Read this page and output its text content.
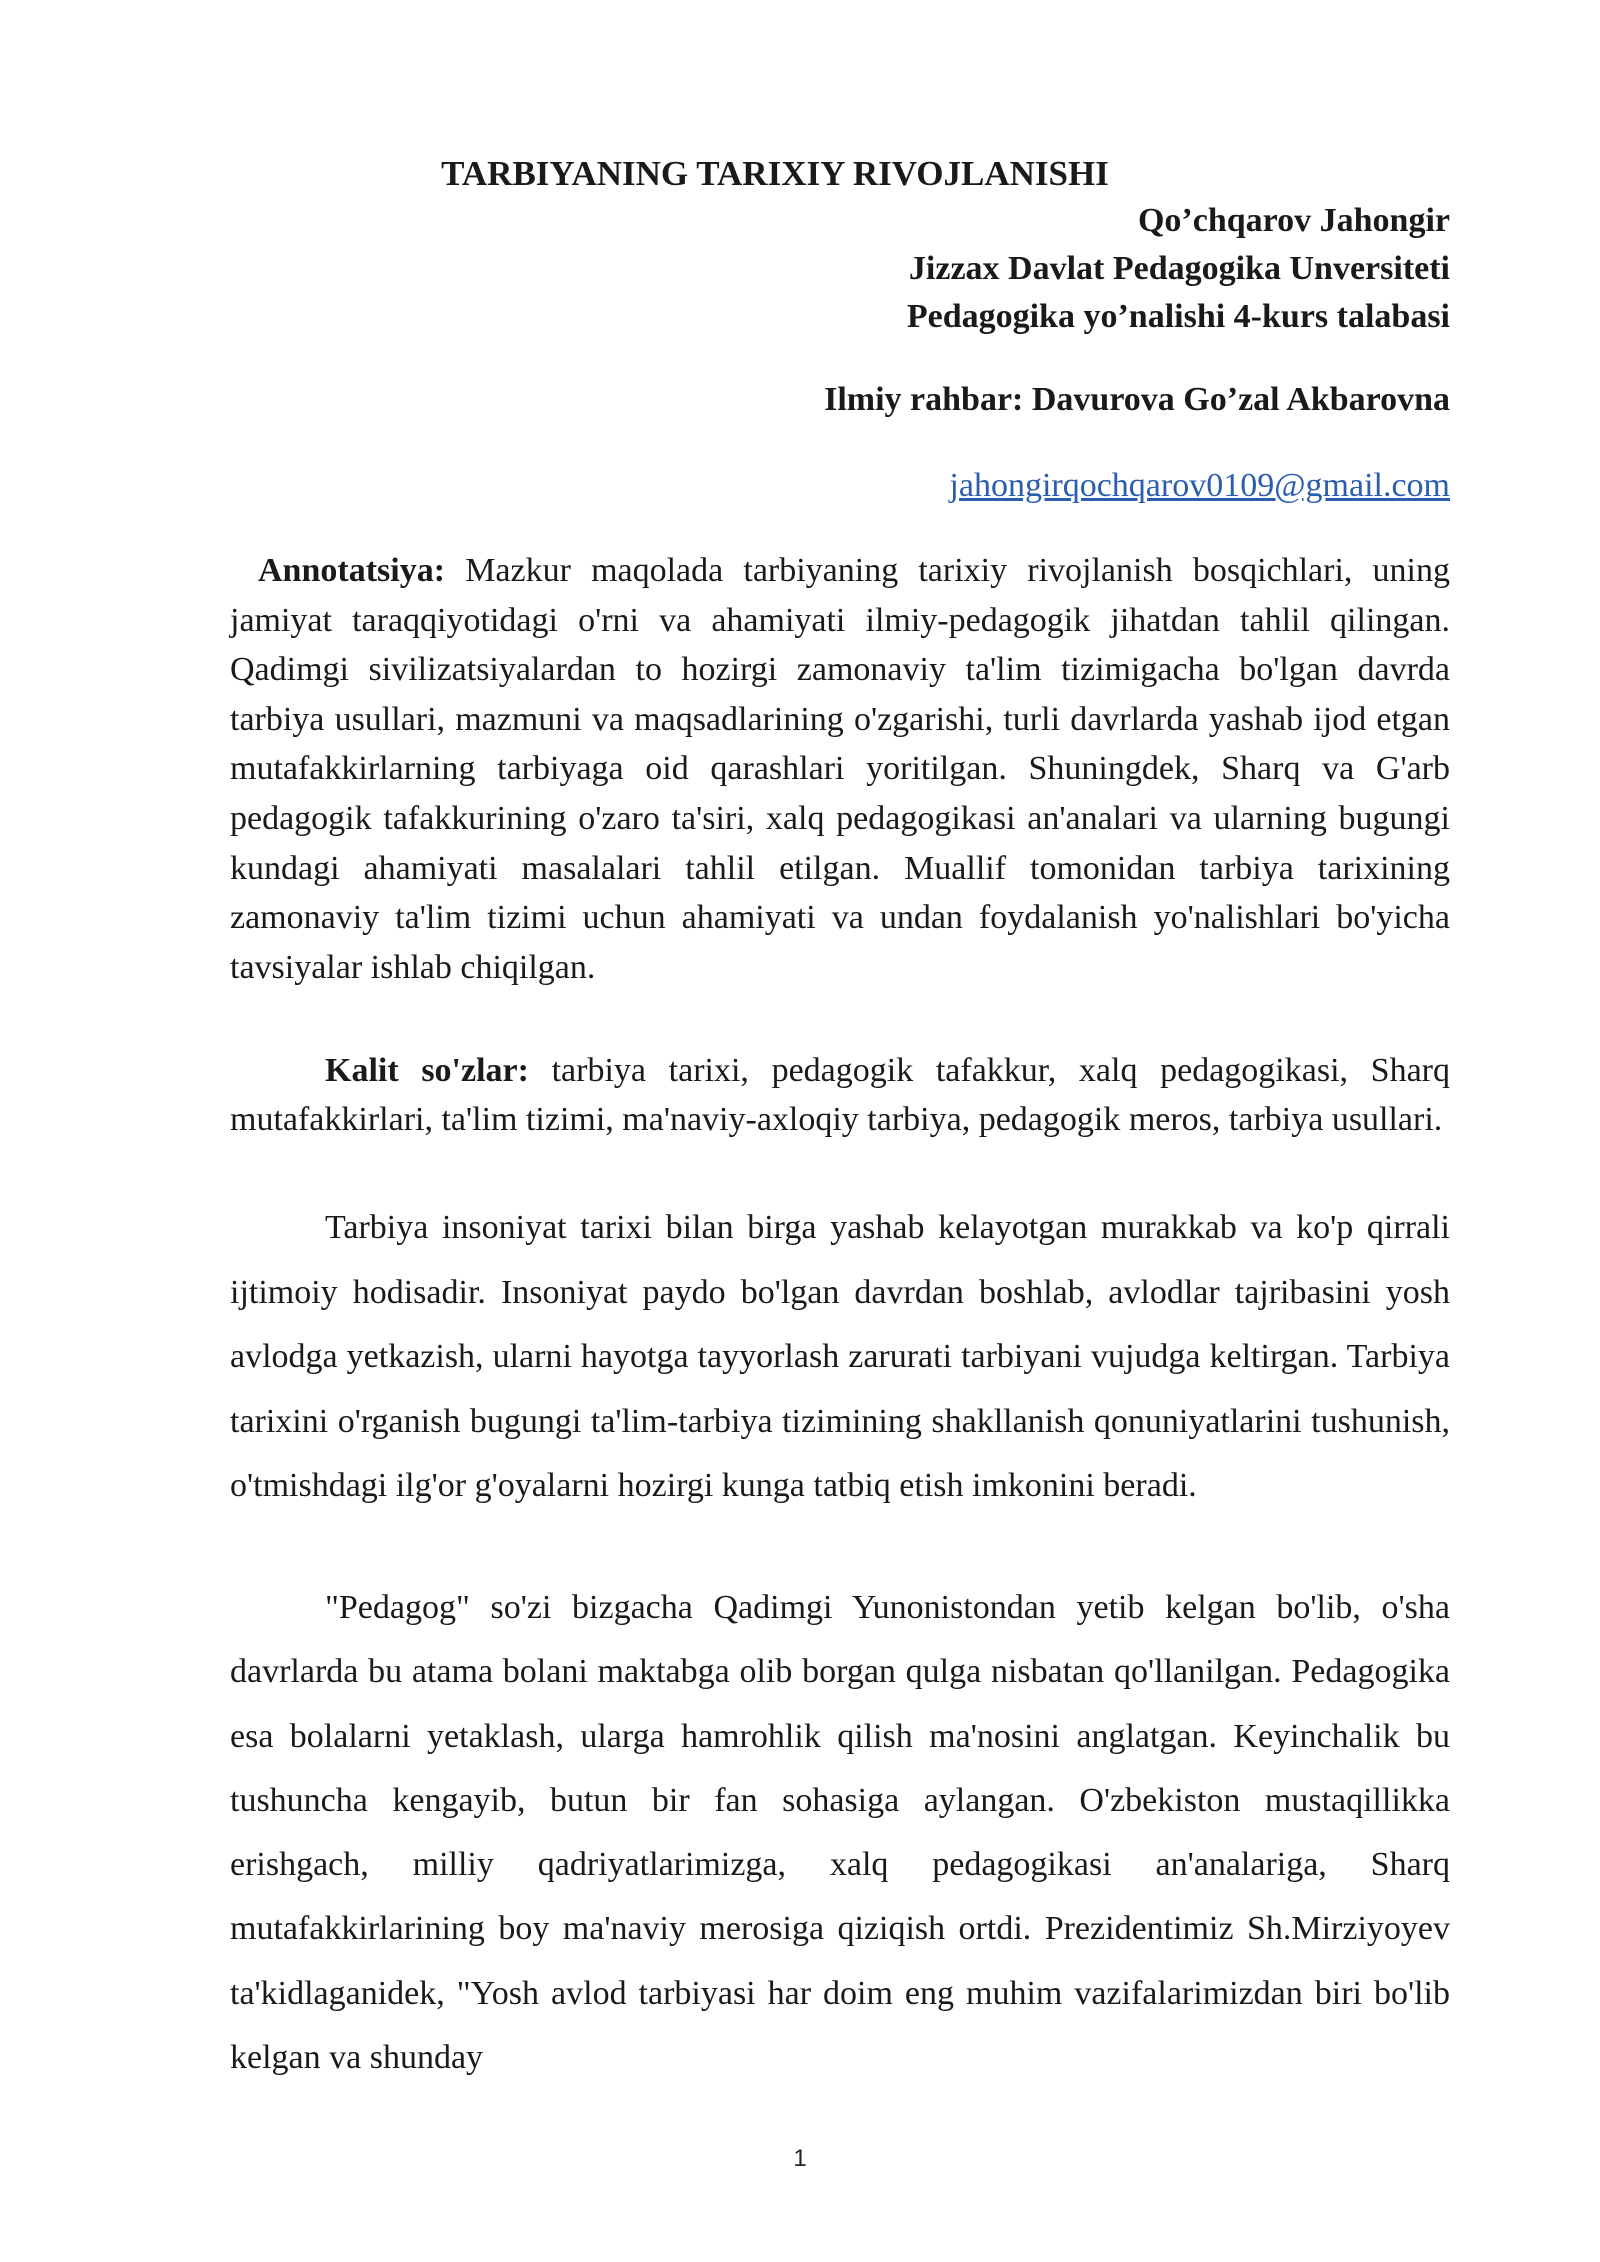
TARBIYANING TARIXIY RIVOJLANISHI
Qo’chqarov Jahongir
Jizzax Davlat Pedagogika Unversiteti
Pedagogika yo’nalishi 4-kurs talabasi
Ilmiy rahbar: Davurova Go’zal Akbarovna
jahongirqochqarov0109@gmail.com

Annotatsiya: Mazkur maqolada tarbiyaning tarixiy rivojlanish bosqichlari, uning jamiyat taraqqiyotidagi o'rni va ahamiyati ilmiy-pedagogik jihatdan tahlil qilingan. Qadimgi sivilizatsiyalardan to hozirgi zamonaviy ta'lim tizimigacha bo'lgan davrda tarbiya usullari, mazmuni va maqsadlarining o'zgarishi, turli davrlarda yashab ijod etgan mutafakkirlarning tarbiyaga oid qarashlari yoritilgan. Shuningdek, Sharq va G'arb pedagogik tafakkurining o'zaro ta'siri, xalq pedagogikasi an'analari va ularning bugungi kundagi ahamiyati masalalari tahlil etilgan. Muallif tomonidan tarbiya tarixining zamonaviy ta'lim tizimi uchun ahamiyati va undan foydalanish yo'nalishlari bo'yicha tavsiyalar ishlab chiqilgan.

Kalit so'zlar: tarbiya tarixi, pedagogik tafakkur, xalq pedagogikasi, Sharq mutafakkirlari, ta'lim tizimi, ma'naviy-axloqiy tarbiya, pedagogik meros, tarbiya usullari.

Tarbiya insoniyat tarixi bilan birga yashab kelayotgan murakkab va ko'p qirrali ijtimoiy hodisadir. Insoniyat paydo bo'lgan davrdan boshlab, avlodlar tajribasini yosh avlodga yetkazish, ularni hayotga tayyorlash zarurati tarbiyani vujudga keltirgan. Tarbiya tarixini o'rganish bugungi ta'lim-tarbiya tizimining shakllanish qonuniyatlarini tushunish, o'tmishdagi ilg'or g'oyalarni hozirgi kunga tatbiq etish imkonini beradi.

"Pedagog" so'zi bizgacha Qadimgi Yunonistondan yetib kelgan bo'lib, o'sha davrlarda bu atama bolani maktabga olib borgan qulga nisbatan qo'llanilgan. Pedagogika esa bolalarni yetaklash, ularga hamrohlik qilish ma'nosini anglatgan. Keyinchalik bu tushuncha kengayib, butun bir fan sohasiga aylangan. O'zbekiston mustaqillikka erishgach, milliy qadriyatlarimizga, xalq pedagogikasi an'analariga, Sharq mutafakkirlarining boy ma'naviy merosiga qiziqish ortdi. Prezidentimiz Sh.Mirziyoyev ta'kidlaganidek, "Yosh avlod tarbiyasi har doim eng muhim vazifalarimizdan biri bo'lib kelgan va shunday

1
